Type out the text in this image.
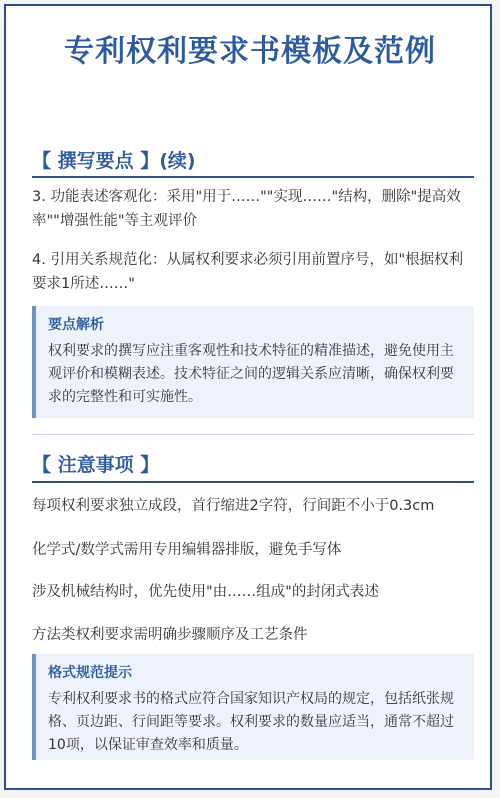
专利权利要求书模板及范例
【 撰写要点 】(续)
3. 功能表述客观化：采用"用于……""实现……"结构，删除"提高效率""增强性能"等主观评价
4. 引用关系规范化：从属权利要求必须引用前置序号，如"根据权利要求1所述……"
要点解析
权利要求的撰写应注重客观性和技术特征的精准描述，避免使用主观评价和模糊表述。技术特征之间的逻辑关系应清晰，确保权利要求的完整性和可实施性。
【 注意事项 】
每项权利要求独立成段，首行缩进2字符，行间距不小于0.3cm
化学式/数学式需用专用编辑器排版，避免手写体
涉及机械结构时，优先使用"由……组成"的封闭式表述
方法类权利要求需明确步骤顺序及工艺条件
格式规范提示
专利权利要求书的格式应符合国家知识产权局的规定，包括纸张规格、页边距、行间距等要求。权利要求的数量应适当，通常不超过10项，以保证审查效率和质量。
